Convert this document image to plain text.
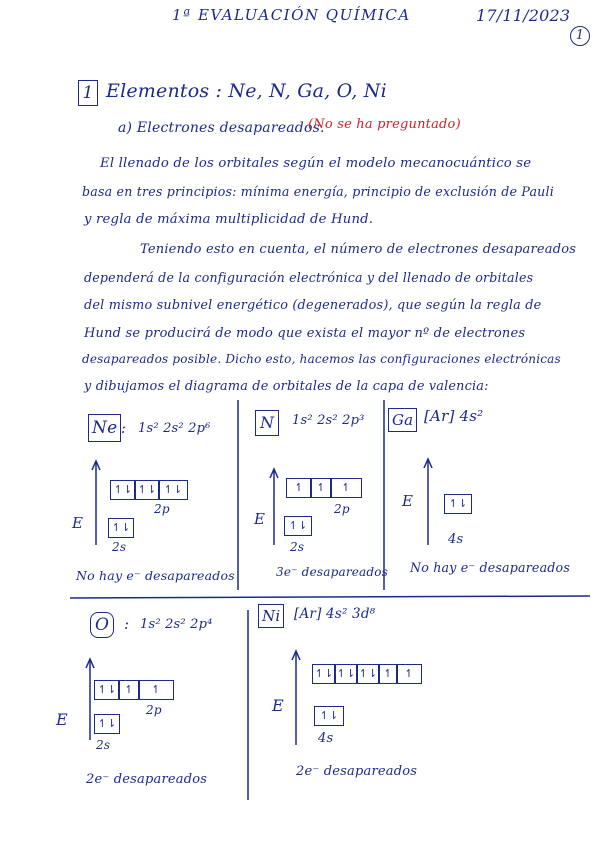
1ª EVALUACIÓN QUÍMICA	17/11/2023
1
1 Elementos : Ne, N, Ga, O, Ni
a) Electrones desapareados.
(No se ha preguntado)
El llenado de los orbitales según el modelo mecanocuántico se
basa en tres principios: mínima energía, principio de exclusión de Pauli
y regla de máxima multiplicidad de Hund.
Teniendo esto en cuenta, el número de electrones desapareados
dependerá de la configuración electrónica y del llenado de orbitales
del mismo subnivel energético (degenerados), que según la regla de
Hund se producirá de modo que exista el mayor nº de electrones
desapareados posible. Dicho esto, hacemos las configuraciones electrónicas
y dibujamos el diagrama de orbitales de la capa de valencia:
Ne : 1s² 2s² 2p⁶
↿⇂ ↿⇂ ↿⇂
2p
E	↿⇂
2s
No hay e⁻ desapareados
N	1s² 2s² 2p³
↿	↿	↿
2p
E	↿⇂
2s
3e⁻ desapareados
Ga [Ar] 4s²
E	↿⇂
4s
No hay e⁻ desapareados
O : 1s² 2s² 2p⁴
↿⇂ ↿	↿
2p
E	↿⇂
2s
2e⁻ desapareados
Ni [Ar] 4s² 3d⁸
↿⇂ ↿⇂ ↿⇂ ↿	↿
E
↿⇂
4s
2e⁻ desapareados
